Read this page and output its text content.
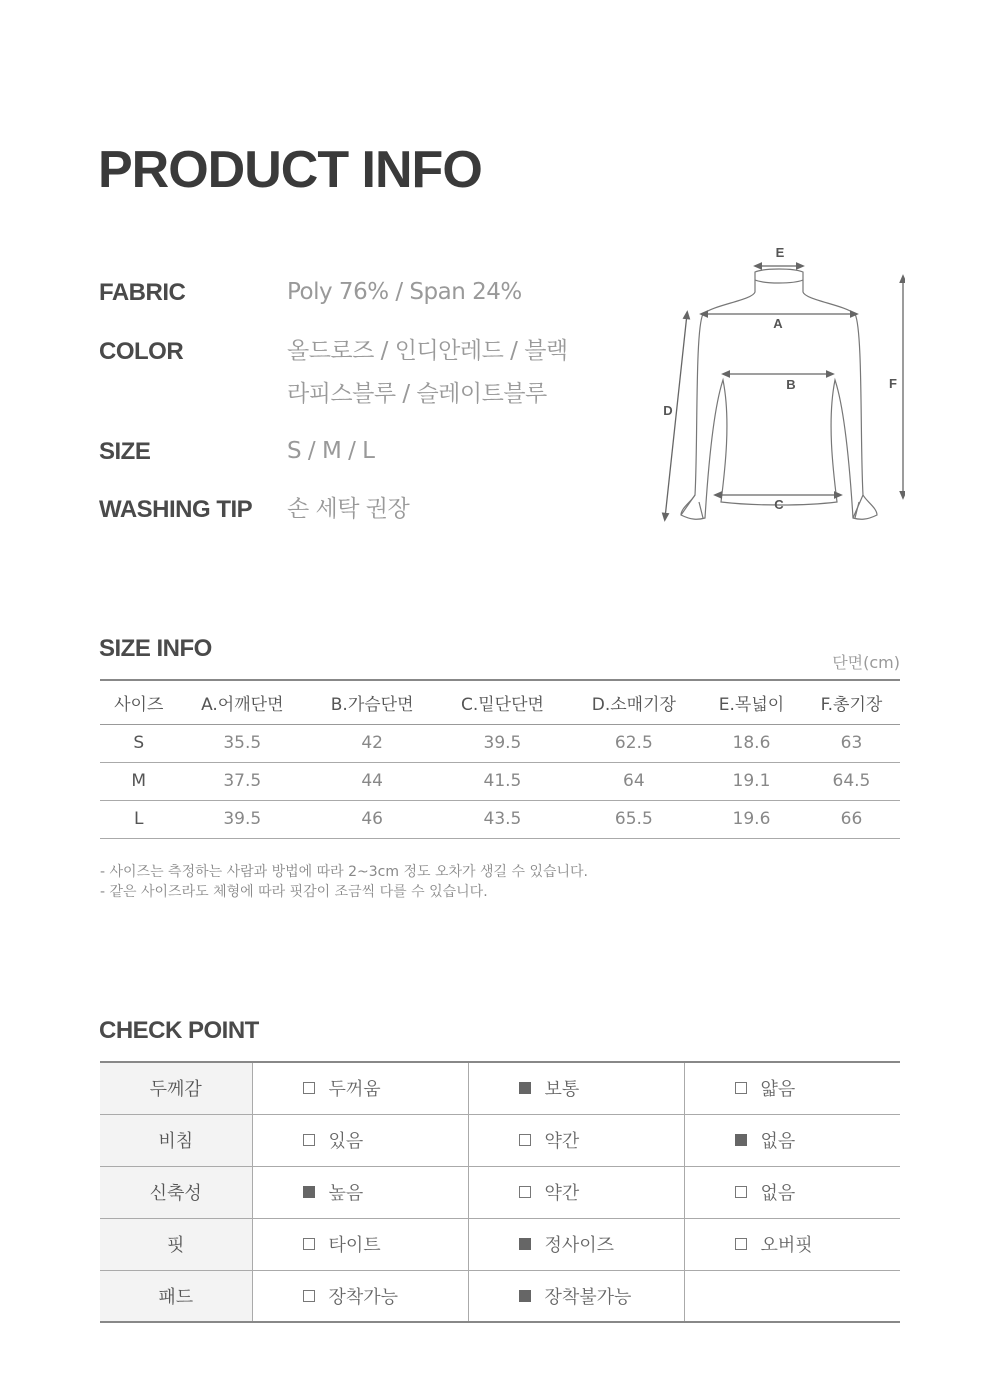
PRODUCT INFO
FABRIC	Poly 76% / Span 24%
COLOR	올드로즈 / 인디안레드 / 블랙
라피스블루 / 슬레이트블루
SIZE	S / M / L
WASHING TIP	손 세탁 권장
E
A
B
C
D
F
SIZE INFO
단면(cm)
사이즈	A.어깨단면	B.가슴단면	C.밑단단면	D.소매기장	E.목넓이	F.총기장
S	35.5	42	39.5	62.5	18.6	63
M	37.5	44	41.5	64	19.1	64.5
L	39.5	46	43.5	65.5	19.6	66
- 사이즈는 측정하는 사람과 방법에 따라 2~3cm 정도 오차가 생길 수 있습니다.
- 같은 사이즈라도 체형에 따라 핏감이 조금씩 다를 수 있습니다.
CHECK POINT
두께감	두꺼움	보통	얇음
비침	있음	약간	없음
신축성	높음	약간	없음
핏	타이트	정사이즈	오버핏
패드	장착가능	장착불가능	
